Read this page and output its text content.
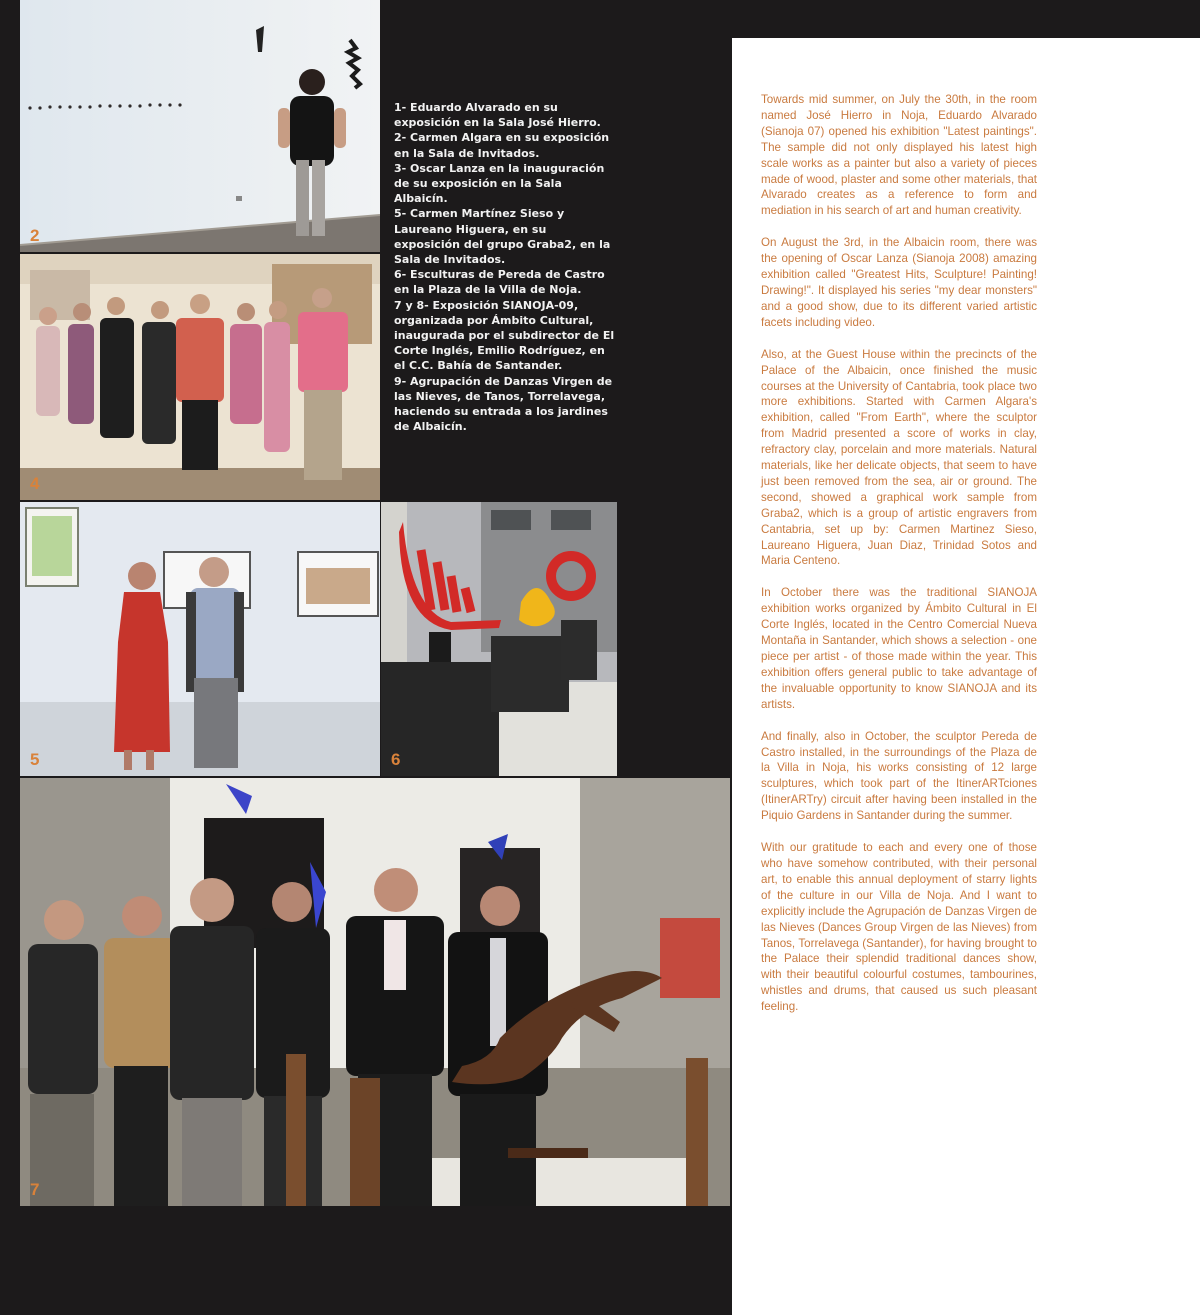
2
4

1- Eduardo Alvarado en su exposición en la Sala José Hierro.

2- Carmen Algara en su exposición en la Sala de Invitados.

3- Oscar Lanza en la inauguración de su exposición en la Sala Albaicín.

5- Carmen Martínez Sieso y Laureano Higuera, en su exposición del grupo Graba2, en la Sala de Invitados.

6- Esculturas de Pereda de Castro en la Plaza de la Villa de Noja.

7 y 8- Exposición SIANOJA-09, organizada por Ámbito Cultural, inaugurada por el subdirector de El Corte Inglés, Emilio Rodríguez, en el C.C. Bahía de Santander.

9- Agrupación de Danzas Virgen de las Nieves, de Tanos, Torrelavega, haciendo su entrada a los jardines de Albaicín.

5	6
7

Towards mid summer, on July the 30th, in the room named José Hierro in Noja, Eduardo Alvarado (Sianoja 07) opened his exhibition "Latest paintings". The sample did not only displayed his latest high scale works as a painter but also a variety of pieces made of wood, plaster and some other materials, that Alvarado creates as a reference to form and mediation in his search of art and human creativity.

On August the 3rd, in the Albaicin room, there was the opening of Oscar Lanza (Sianoja 2008) amazing exhibition called "Greatest Hits, Sculpture! Painting! Drawing!". It displayed his series "my dear monsters" and a good show, due to its different varied artistic facets including video.

Also, at the Guest House within the precincts of the Palace of the Albaicin, once finished the music courses at the University of Cantabria, took place two more exhibitions. Started with Carmen Algara's exhibition, called "From Earth", where the sculptor from Madrid presented a score of works in clay, refractory clay, porcelain and more materials. Natural materials, like her delicate objects, that seem to have just been removed from the sea, air or ground. The second, showed a graphical work sample from Graba2, which is a group of artistic engravers from Cantabria, set up by: Carmen Martinez Sieso, Laureano Higuera, Juan Diaz, Trinidad Sotos and Maria Centeno.

In October there was the traditional SIANOJA exhibition works organized by Ámbito Cultural in El Corte Inglés, located in the Centro Comercial Nueva Montaña in Santander, which shows a selection - one piece per artist - of those made within the year. This exhibition offers general public to take advantage of the invaluable opportunity to know SIANOJA and its artists.

And finally, also in October, the sculptor Pereda de Castro installed, in the surroundings of the Plaza de la Villa in Noja, his works consisting of 12 large sculptures, which took part of the ItinerARTciones (ItinerARTry) circuit after having been installed in the Piquio Gardens in Santander during the summer.

With our gratitude to each and every one of those who have somehow contributed, with their personal art, to enable this annual deployment of starry lights of the culture in our Villa de Noja. And I want to explicitly include the Agrupación de Danzas Virgen de las Nieves (Dances Group Virgen de las Nieves) from Tanos, Torrelavega (Santander), for having brought to the Palace their splendid traditional dances show, with their beautiful colourful costumes, tambourines, whistles and drums, that caused us such pleasant feeling.
